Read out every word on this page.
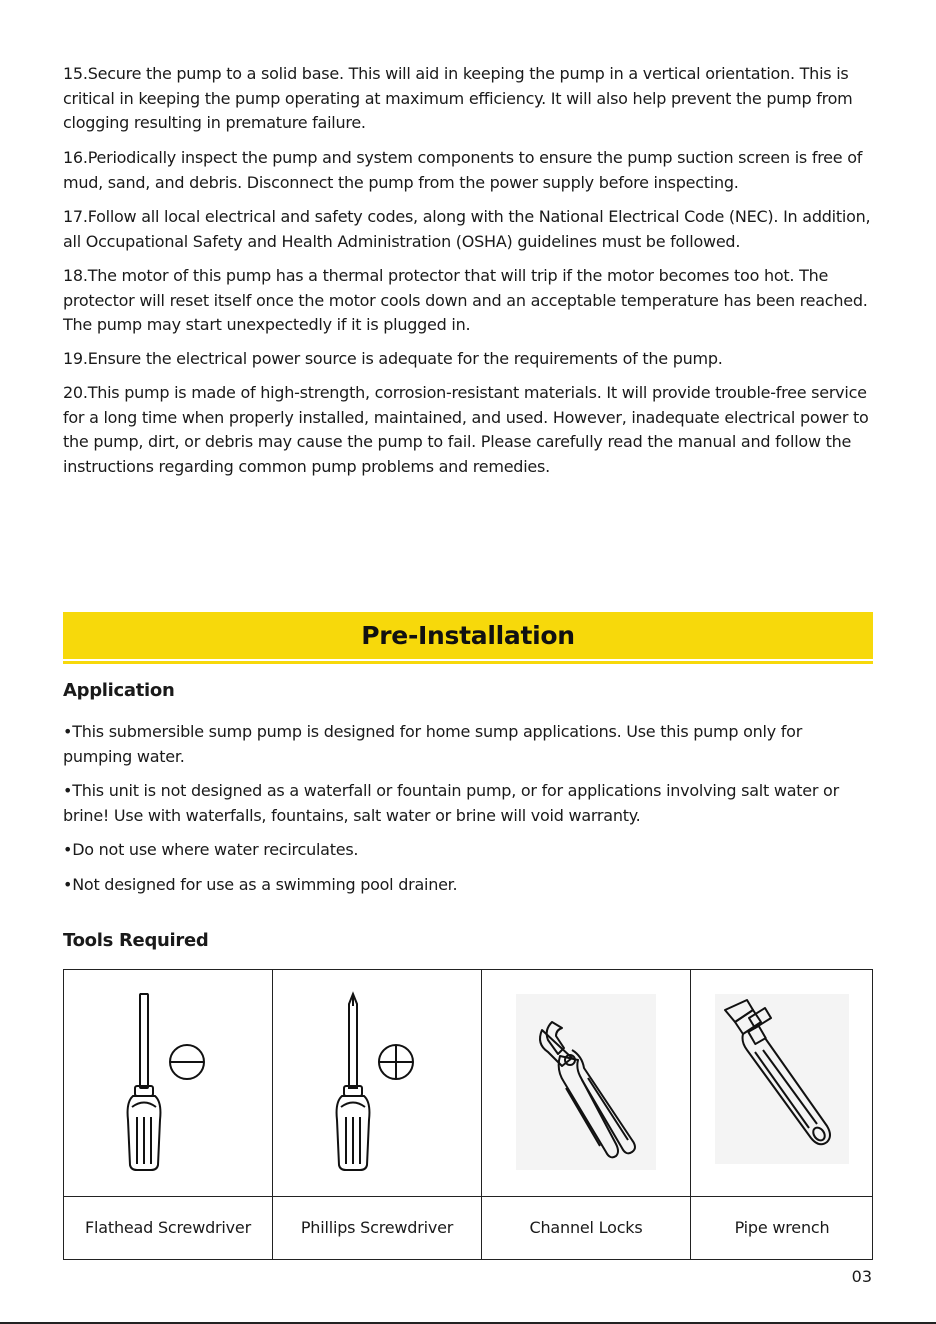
15.Secure the pump to a solid base. This will aid in keeping the pump in a vertical orientation. This is critical in keeping the pump operating at maximum efficiency. It will also help prevent the pump from clogging resulting in premature failure.

16.Periodically inspect the pump and system components to ensure the pump suction screen is free of mud, sand, and debris. Disconnect the pump from the power supply before inspecting.

17.Follow all local electrical and safety codes, along with the National Electrical Code (NEC). In addition, all Occupational Safety and Health Administration (OSHA) guidelines must be followed.

18.The motor of this pump has a thermal protector that will trip if the motor becomes too hot. The protector will reset itself once the motor cools down and an acceptable temperature has been reached. The pump may start unexpectedly if it is plugged in.

19.Ensure the electrical power source is adequate for the requirements of the pump.

20.This pump is made of high-strength, corrosion-resistant materials. It will provide trouble-free service for a long time when properly installed, maintained, and used. However, inadequate electrical power to the pump, dirt, or debris may cause the pump to fail. Please carefully read the manual and follow the instructions regarding common pump problems and remedies.

Pre-Installation
Application

•This submersible sump pump is designed for home sump applications. Use this pump only for pumping water.

•This unit is not designed as a waterfall or fountain pump, or for applications involving salt water or brine! Use with waterfalls, fountains, salt water or brine will void warranty.

•Do not use where water recirculates.

•Not designed for use as a swimming pool drainer.

Tools Required
Flathead Screwdriver	Phillips Screwdriver	Channel Locks	Pipe wrench
03
